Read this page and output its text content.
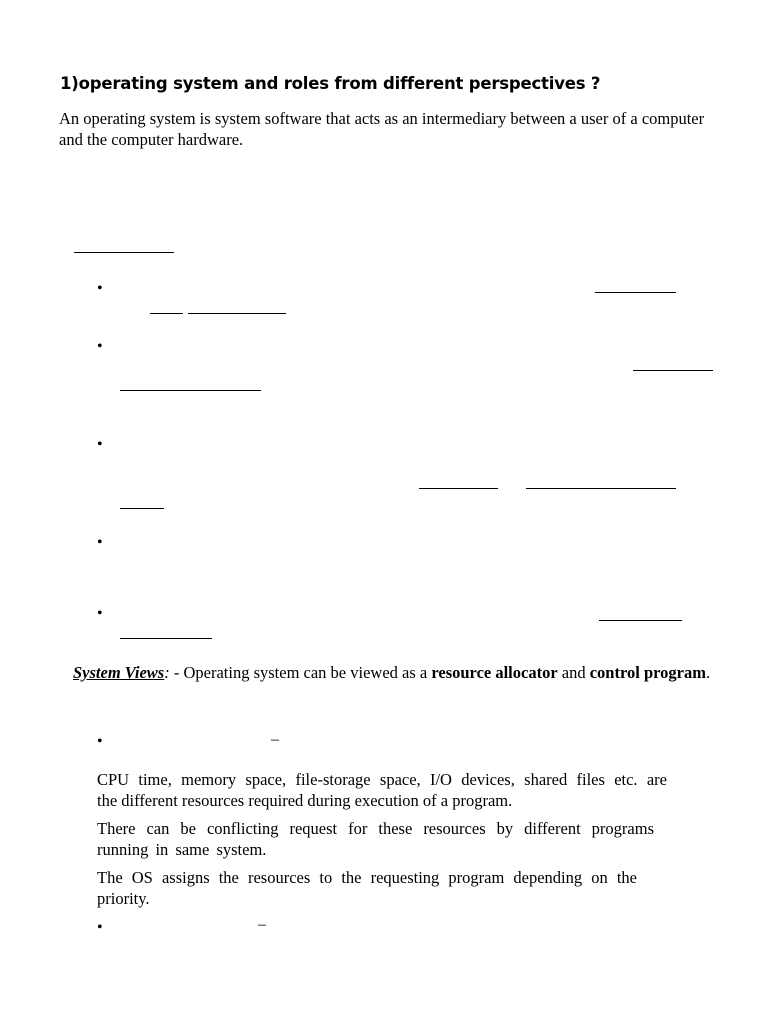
1)operating system and roles from different perspectives ?
An operating system is system software that acts as an intermediary between a user of a computer and the computer hardware.
•
•
•
•
•
System Views: - Operating system can be viewed as a resource allocator and control program.
•	–
CPU time, memory space, file-storage space, I/O devices, shared files etc. are
the different resources required during execution of a program.
There can be conflicting request for these resources by different programs
running in same system.
The OS assigns the resources to the requesting program depending on the
priority.
•	–
